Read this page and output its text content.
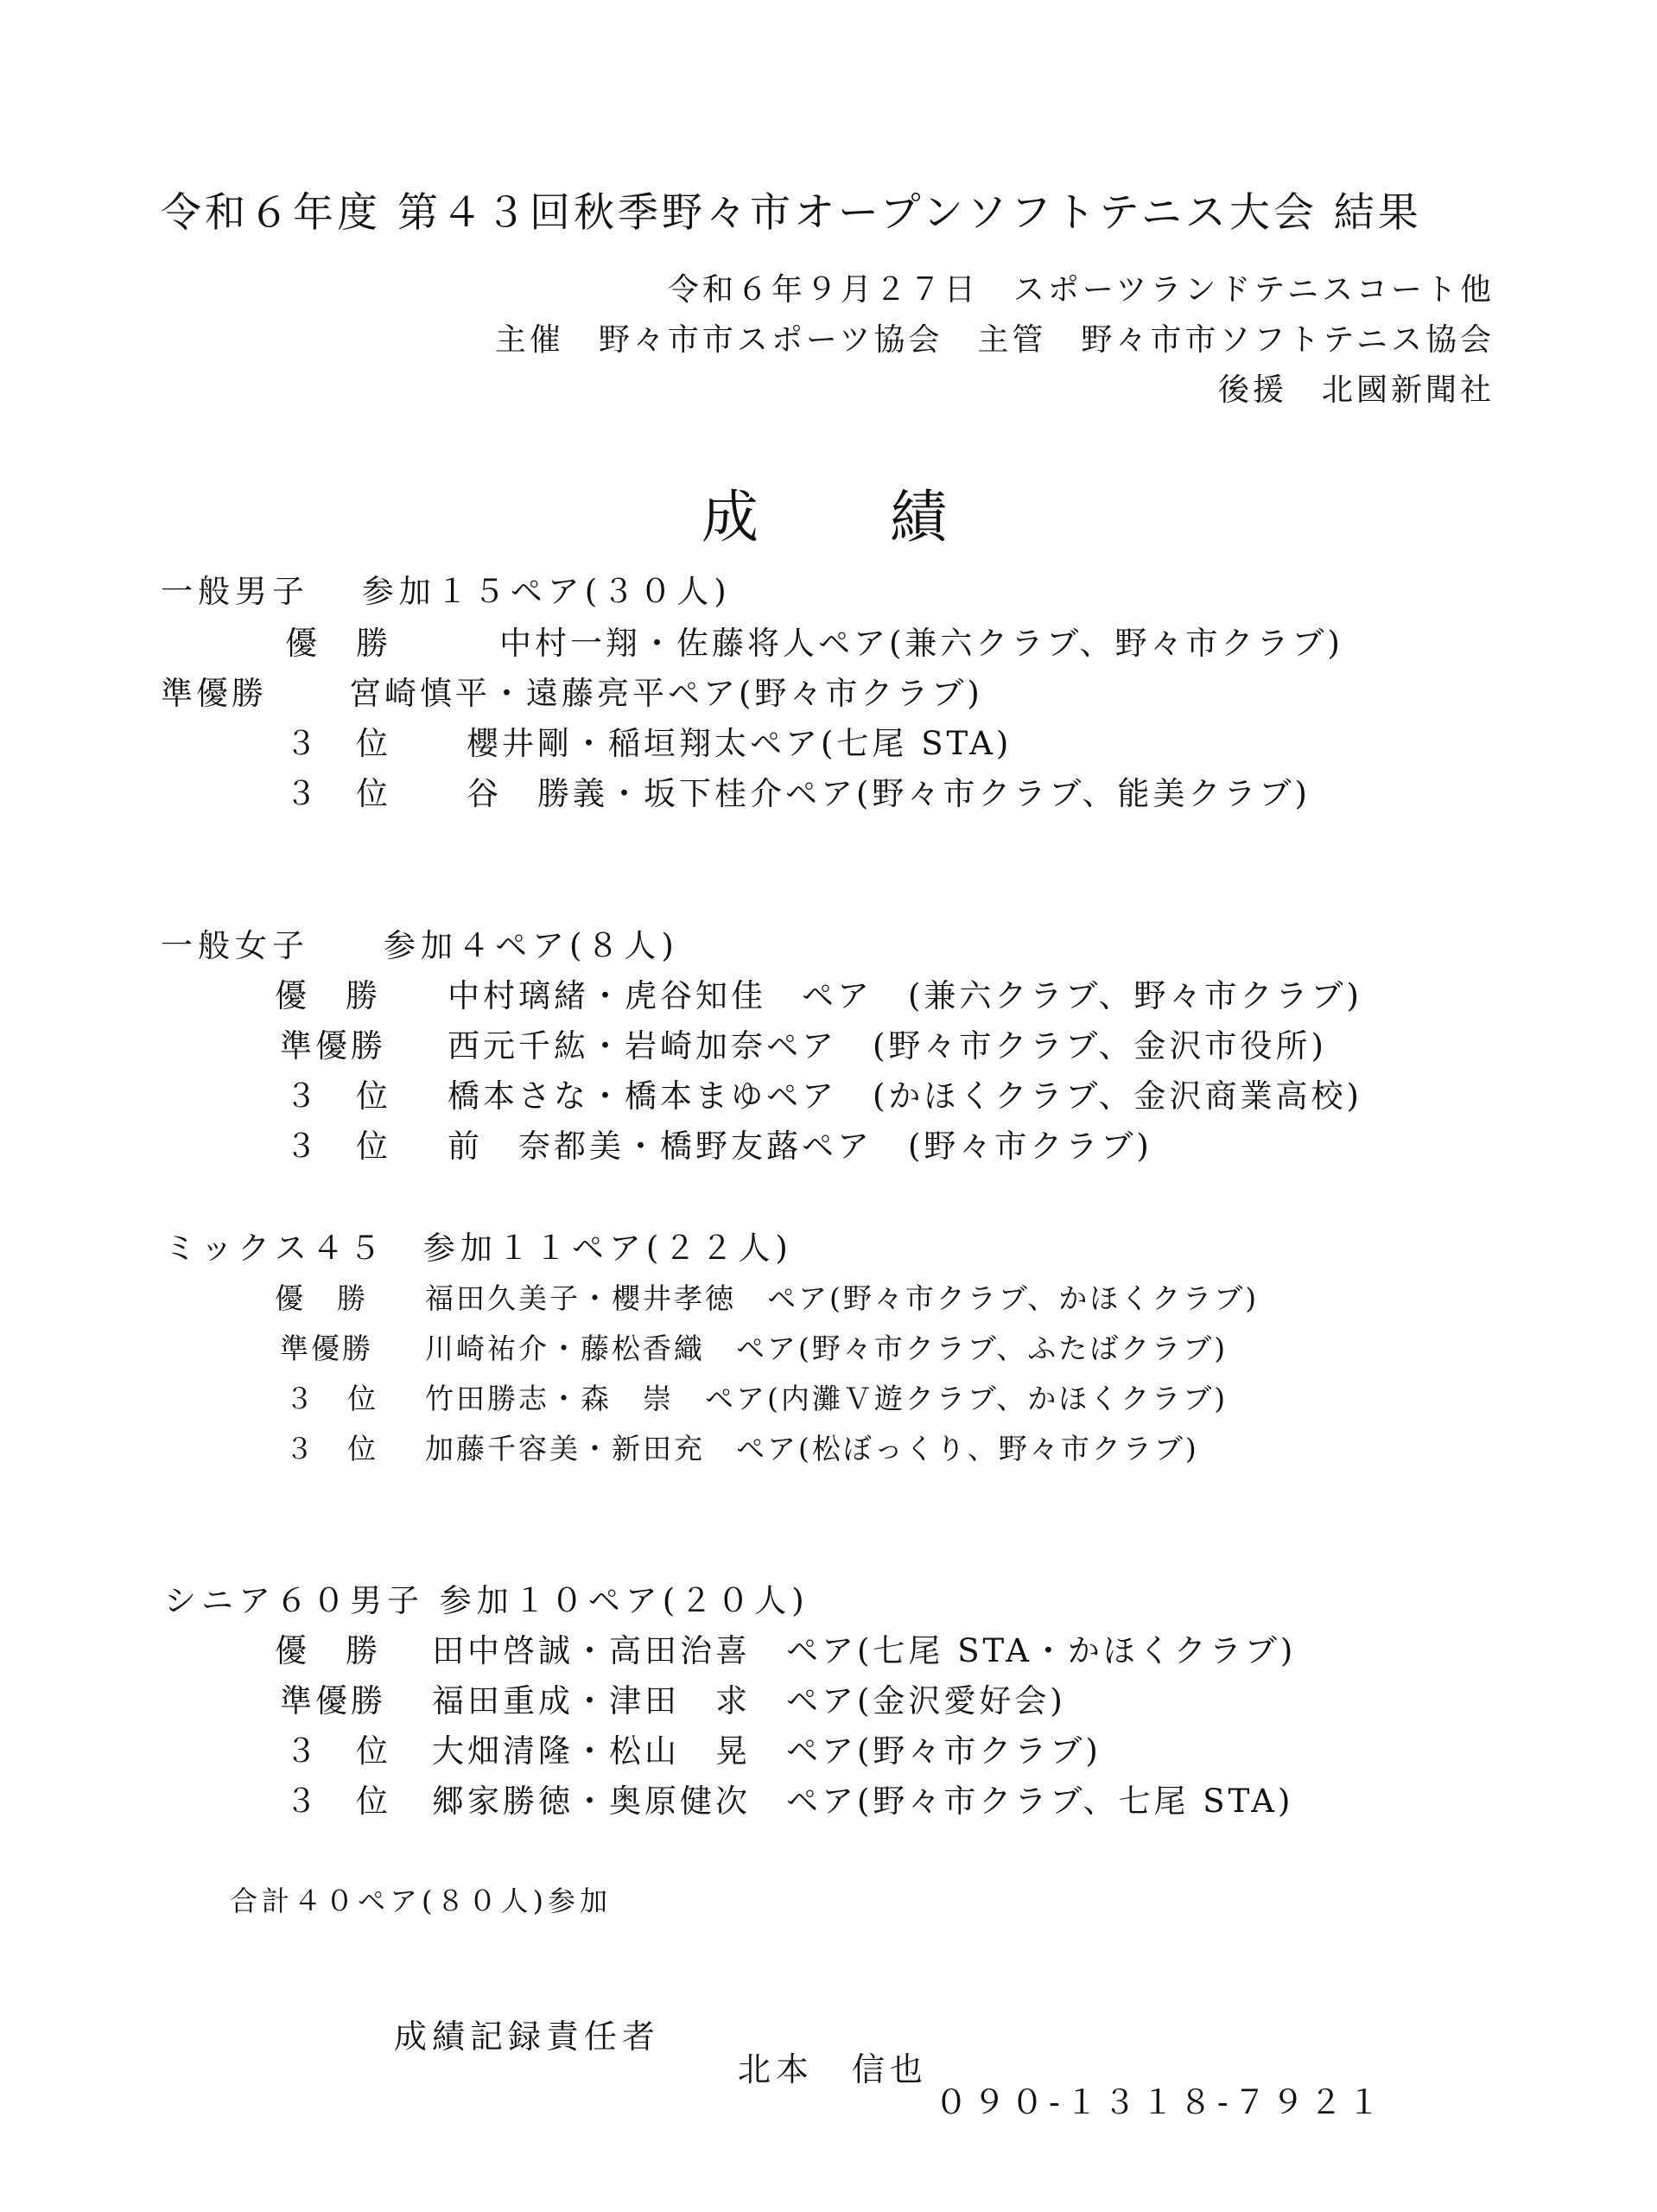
令和６年度 第４３回秋季野々市オープンソフトテニス大会 結果
令和６年９月２７日　スポーツランドテニスコート他
主催　野々市市スポーツ協会　主管　野々市市ソフトテニス協会
後援　北國新聞社
成 績
一般男子　 参加１５ペア(３０人)

優　勝

	中村一翔・佐藤将人ペア(兼六クラブ、野々市クラブ)

準優勝

	宮崎慎平・遠藤亮平ペア(野々市クラブ)

３　位

櫻井剛・稲垣翔太ペア(七尾 STA)

３　位

谷　勝義・坂下桂介ペア(野々市クラブ、能美クラブ)

一般女子　　参加４ペア(８人)

優　勝

中村璃緒・虎谷知佳　ペア　(兼六クラブ、野々市クラブ)

準優勝

西元千紘・岩崎加奈ペア　(野々市クラブ、金沢市役所)

３　位

橋本さな・橋本まゆペア　(かほくクラブ、金沢商業高校)

３　位

前　奈都美・橋野友蕗ペア　(野々市クラブ)

ミックス４５　参加１１ペア(２２人)

優　勝

福田久美子・櫻井孝徳　ペア(野々市クラブ、かほくクラブ)

準優勝

川崎祐介・藤松香織　ペア(野々市クラブ、ふたばクラブ)

３　位

竹田勝志・森　崇　ペア(内灘Ｖ遊クラブ、かほくクラブ)

３　位

加藤千容美・新田充　ペア(松ぼっくり、野々市クラブ)

シニア６０男子 参加１０ペア(２０人)

優　勝

田中啓誠・高田治喜　ペア(七尾 STA・かほくクラブ)

準優勝

福田重成・津田　求　ペア(金沢愛好会)

３　位

大畑清隆・松山　晃　ペア(野々市クラブ)

３　位

郷家勝徳・奥原健次　ペア(野々市クラブ、七尾 STA)

合計４０ペア(８０人)参加

成績記録責任者

北本　信也

０９０-１３１８-７９２１
